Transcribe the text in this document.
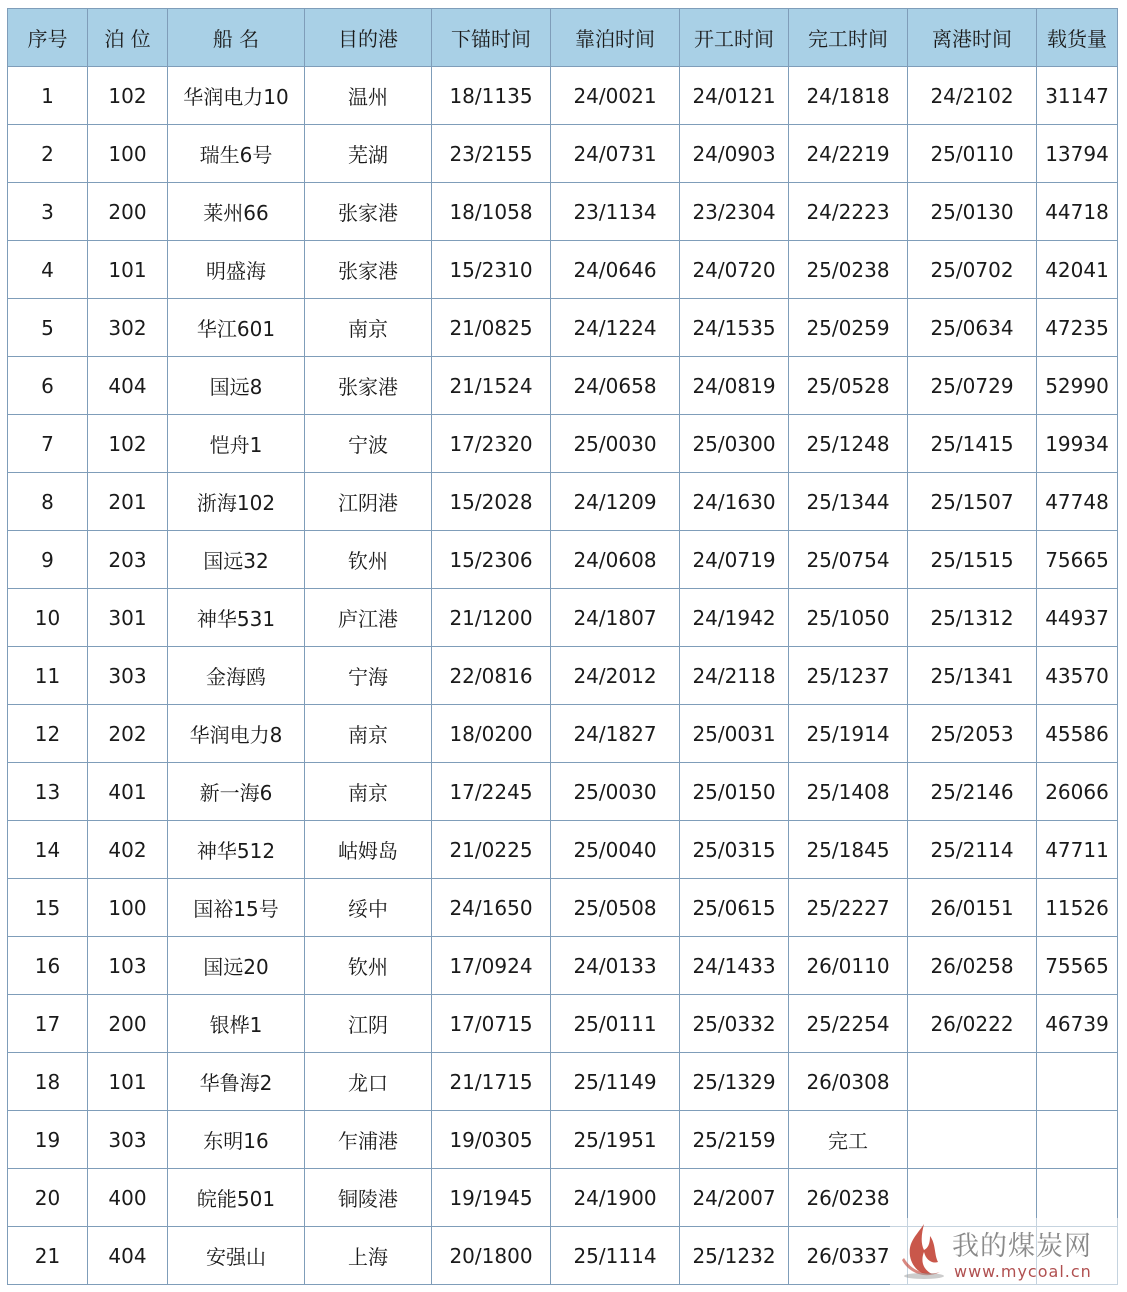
序号	泊 位	船 名	目的港	下锚时间	靠泊时间	开工时间	完工时间	离港时间	载货量
1	102	华润电力10	温州	18/1135	24/0021	24/0121	24/1818	24/2102	31147
2	100	瑞生6号	芜湖	23/2155	24/0731	24/0903	24/2219	25/0110	13794
3	200	莱州66	张家港	18/1058	23/1134	23/2304	24/2223	25/0130	44718
4	101	明盛海	张家港	15/2310	24/0646	24/0720	25/0238	25/0702	42041
5	302	华江601	南京	21/0825	24/1224	24/1535	25/0259	25/0634	47235
6	404	国远8	张家港	21/1524	24/0658	24/0819	25/0528	25/0729	52990
7	102	恺舟1	宁波	17/2320	25/0030	25/0300	25/1248	25/1415	19934
8	201	浙海102	江阴港	15/2028	24/1209	24/1630	25/1344	25/1507	47748
9	203	国远32	钦州	15/2306	24/0608	24/0719	25/0754	25/1515	75665
10	301	神华531	庐江港	21/1200	24/1807	24/1942	25/1050	25/1312	44937
11	303	金海鸥	宁海	22/0816	24/2012	24/2118	25/1237	25/1341	43570
12	202	华润电力8	南京	18/0200	24/1827	25/0031	25/1914	25/2053	45586
13	401	新一海6	南京	17/2245	25/0030	25/0150	25/1408	25/2146	26066
14	402	神华512	岵姆岛	21/0225	25/0040	25/0315	25/1845	25/2114	47711
15	100	国裕15号	绥中	24/1650	25/0508	25/0615	25/2227	26/0151	11526
16	103	国远20	钦州	17/0924	24/0133	24/1433	26/0110	26/0258	75565
17	200	银桦1	江阴	17/0715	25/0111	25/0332	25/2254	26/0222	46739
18	101	华鲁海2	龙口	21/1715	25/1149	25/1329	26/0308		
19	303	东明16	乍浦港	19/0305	25/1951	25/2159	完工		
20	400	皖能501	铜陵港	19/1945	24/1900	24/2007	26/0238		
21	404	安强山	上海	20/1800	25/1114	25/1232	26/0337		我的煤炭网
www.mycoal.cn
